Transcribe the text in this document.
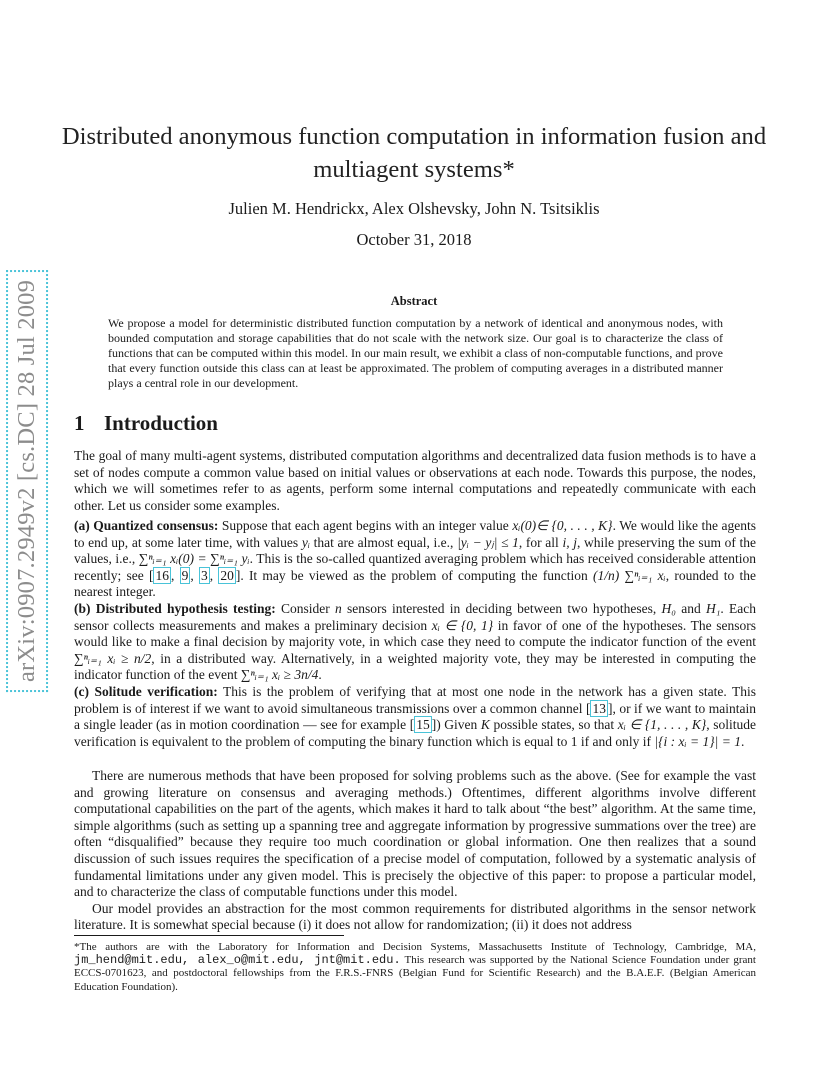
arXiv:0907.2949v2 [cs.DC] 28 Jul 2009
Distributed anonymous function computation in information fusion and multiagent systems*
Julien M. Hendrickx, Alex Olshevsky, John N. Tsitsiklis
October 31, 2018
Abstract
We propose a model for deterministic distributed function computation by a network of identical and anonymous nodes, with bounded computation and storage capabilities that do not scale with the network size. Our goal is to characterize the class of functions that can be computed within this model. In our main result, we exhibit a class of non-computable functions, and prove that every function outside this class can at least be approximated. The problem of computing averages in a distributed manner plays a central role in our development.
1 Introduction

The goal of many multi-agent systems, distributed computation algorithms and decentralized data fusion methods is to have a set of nodes compute a common value based on initial values or observations at each node. Towards this purpose, the nodes, which we will sometimes refer to as agents, perform some internal computations and repeatedly communicate with each other. Let us consider some examples.

(a) Quantized consensus: Suppose that each agent begins with an integer value xᵢ(0)∈ {0, . . . , K}. We would like the agents to end up, at some later time, with values yᵢ that are almost equal, i.e., |yᵢ − yⱼ| ≤ 1, for all i, j, while preserving the sum of the values, i.e., ∑ⁿᵢ₌₁ xᵢ(0) = ∑ⁿᵢ₌₁ yᵢ. This is the so-called quantized averaging problem which has received considerable attention recently; see [ 16 , 9 , 3 , 20 ]. It may be viewed as the problem of computing the function (1/n) ∑ⁿᵢ₌₁ xᵢ, rounded to the nearest integer.

(b) Distributed hypothesis testing: Consider n sensors interested in deciding between two hypotheses, H₀ and H₁. Each sensor collects measurements and makes a preliminary decision xᵢ ∈ {0, 1} in favor of one of the hypotheses. The sensors would like to make a final decision by majority vote, in which case they need to compute the indicator function of the event ∑ⁿᵢ₌₁ xᵢ ≥ n/2, in a distributed way. Alternatively, in a weighted majority vote, they may be interested in computing the indicator function of the event ∑ⁿᵢ₌₁ xᵢ ≥ 3n/4.

(c) Solitude verification: This is the problem of verifying that at most one node in the network has a given state. This problem is of interest if we want to avoid simultaneous transmissions over a common channel [ 13 ], or if we want to maintain a single leader (as in motion coordination — see for example [ 15 ]) Given K possible states, so that xᵢ ∈ {1, . . . , K}, solitude verification is equivalent to the problem of computing the binary function which is equal to 1 if and only if |{i : xᵢ = 1}| = 1.

There are numerous methods that have been proposed for solving problems such as the above. (See for example the vast and growing literature on consensus and averaging methods.) Oftentimes, different algorithms involve different computational capabilities on the part of the agents, which makes it hard to talk about “the best” algorithm. At the same time, simple algorithms (such as setting up a spanning tree and aggregate information by progressive summations over the tree) are often “disqualified” because they require too much coordination or global information. One then realizes that a sound discussion of such issues requires the specification of a precise model of computation, followed by a systematic analysis of fundamental limitations under any given model. This is precisely the objective of this paper: to propose a particular model, and to characterize the class of computable functions under this model.

Our model provides an abstraction for the most common requirements for distributed algorithms in the sensor network literature. It is somewhat special because (i) it does not allow for randomization; (ii) it does not address

*The authors are with the Laboratory for Information and Decision Systems, Massachusetts Institute of Technology, Cambridge, MA, jm_hend@mit.edu, alex_o@mit.edu, jnt@mit.edu. This research was supported by the National Science Foundation under grant ECCS-0701623, and postdoctoral fellowships from the F.R.S.-FNRS (Belgian Fund for Scientific Research) and the B.A.E.F. (Belgian American Education Foundation).
